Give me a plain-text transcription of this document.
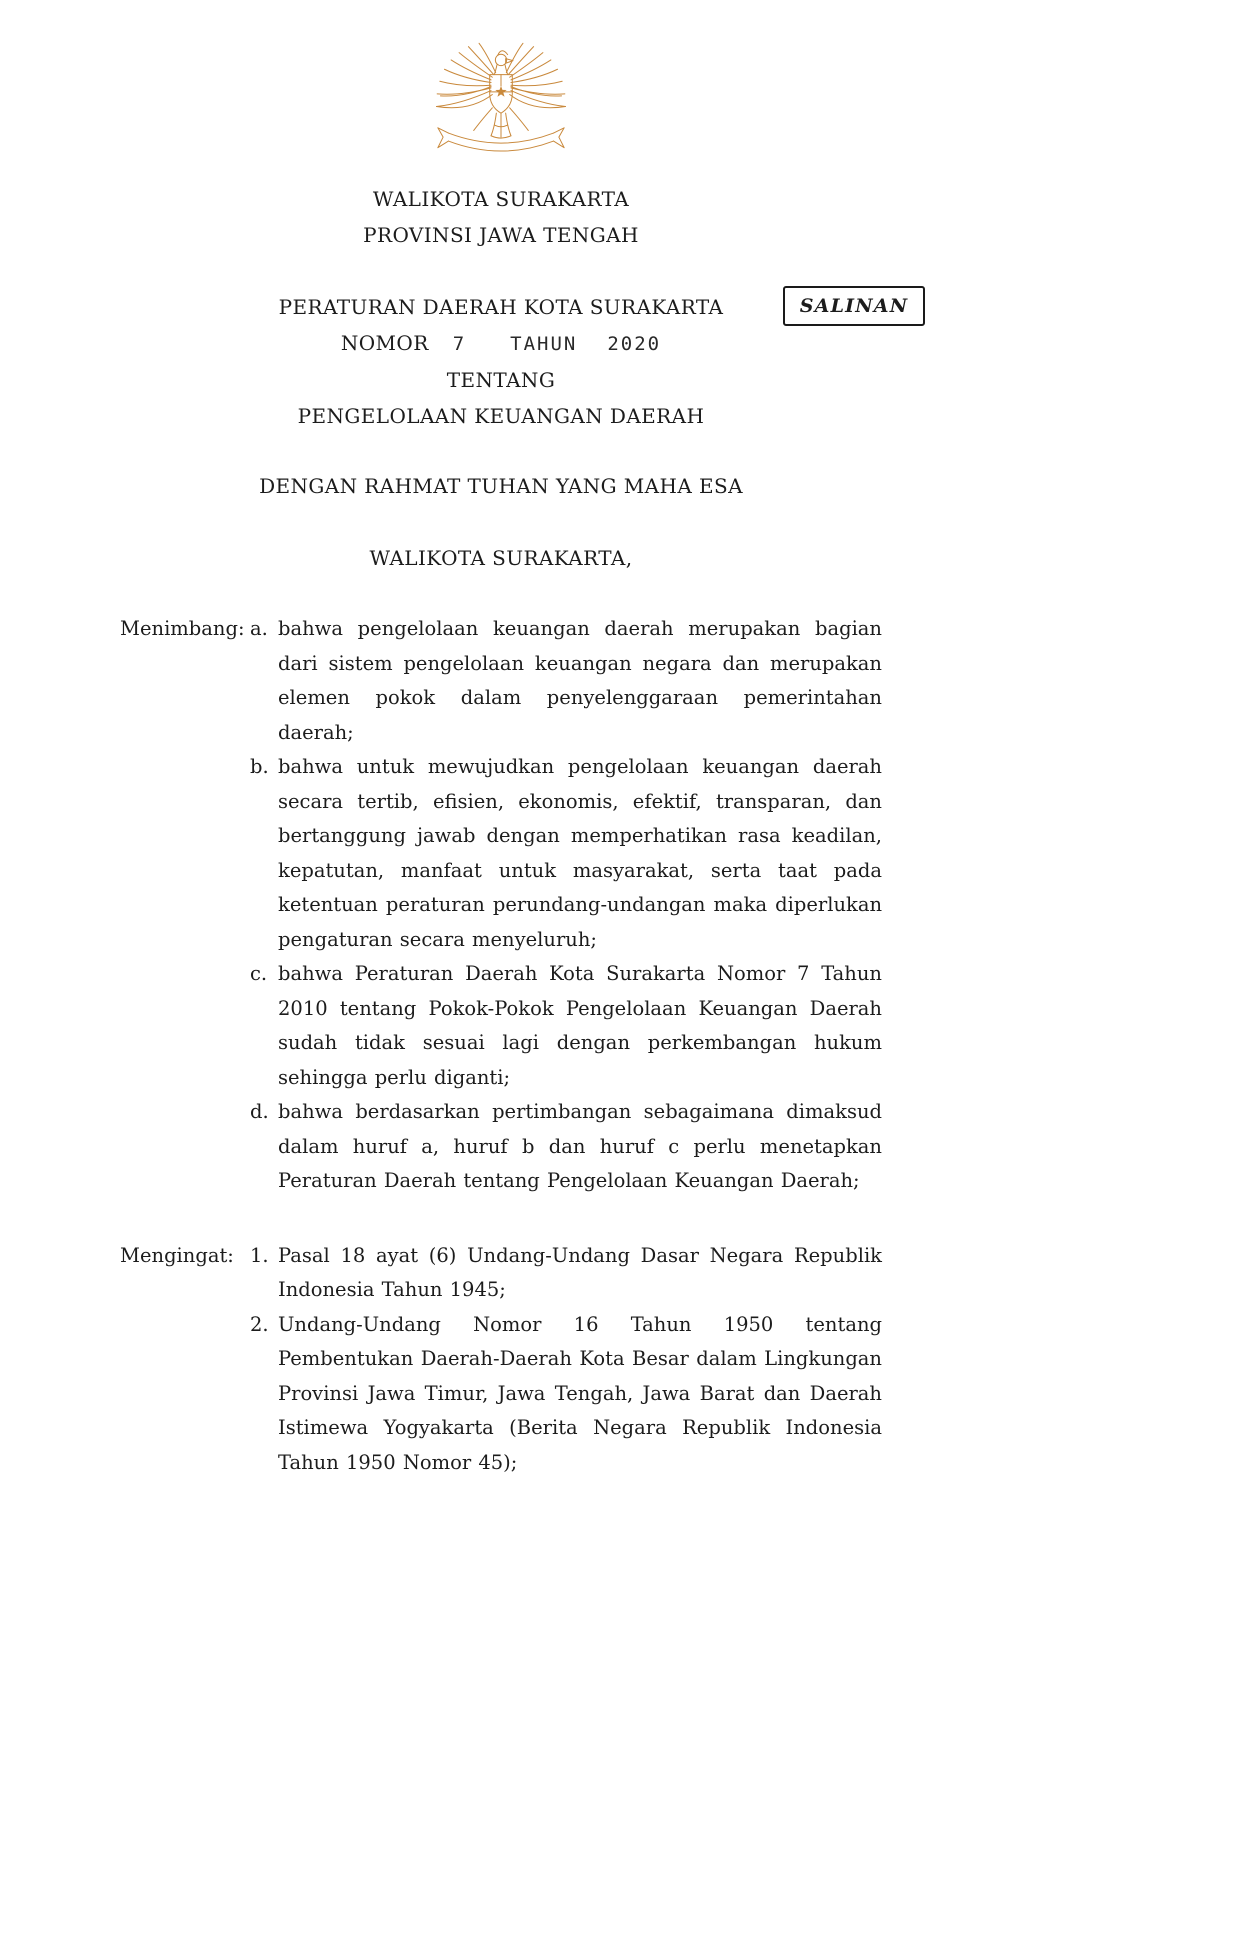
WALIKOTA SURAKARTA
PROVINSI JAWA TENGAH
PERATURAN DAERAH KOTA SURAKARTA
NOMOR 7 TAHUN 2020
TENTANG
PENGELOLAAN KEUANGAN DAERAH
DENGAN RAHMAT TUHAN YANG MAHA ESA
WALIKOTA SURAKARTA,
Menimbang: a. bahwa pengelolaan keuangan daerah merupakan bagian dari sistem pengelolaan keuangan negara dan merupakan elemen pokok dalam penyelenggaraan pemerintahan daerah;
b. bahwa untuk mewujudkan pengelolaan keuangan daerah secara tertib, efisien, ekonomis, efektif, transparan, dan bertanggung jawab dengan memperhatikan rasa keadilan, kepatutan, manfaat untuk masyarakat, serta taat pada ketentuan peraturan perundang-undangan maka diperlukan pengaturan secara menyeluruh;
c. bahwa Peraturan Daerah Kota Surakarta Nomor 7 Tahun 2010 tentang Pokok-Pokok Pengelolaan Keuangan Daerah sudah tidak sesuai lagi dengan perkembangan hukum sehingga perlu diganti;
d. bahwa berdasarkan pertimbangan sebagaimana dimaksud dalam huruf a, huruf b dan huruf c perlu menetapkan Peraturan Daerah tentang Pengelolaan Keuangan Daerah;
Mengingat: 1. Pasal 18 ayat (6) Undang-Undang Dasar Negara Republik Indonesia Tahun 1945;
2. Undang-Undang Nomor 16 Tahun 1950 tentang Pembentukan Daerah-Daerah Kota Besar dalam Lingkungan Provinsi Jawa Timur, Jawa Tengah, Jawa Barat dan Daerah Istimewa Yogyakarta (Berita Negara Republik Indonesia Tahun 1950 Nomor 45);
SALINAN
